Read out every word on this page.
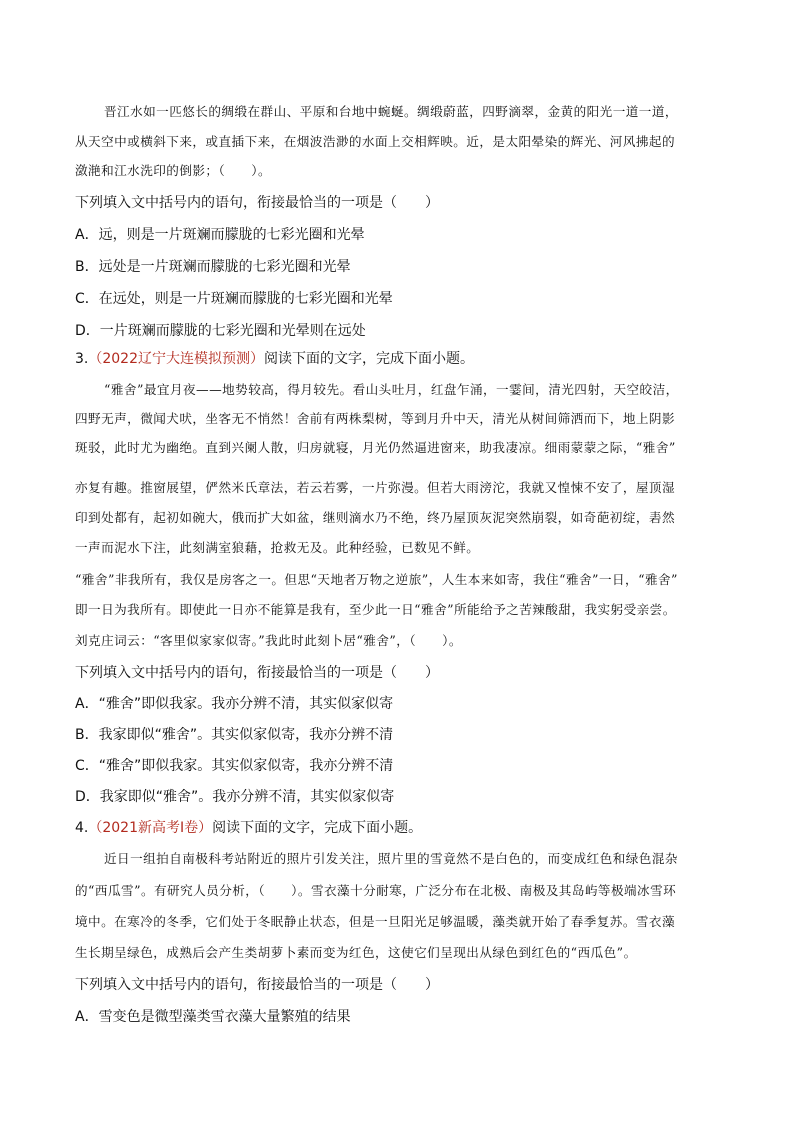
晋江水如一匹悠长的绸缎在群山、平原和台地中蜿蜒。绸缎蔚蓝，四野滴翠，金黄的阳光一道一道，
从天空中或横斜下来，或直插下来，在烟波浩渺的水面上交相辉映。近，是太阳晕染的辉光、河风拂起的
潋滟和江水洗印的倒影；（　　）。
下列填入文中括号内的语句，衔接最恰当的一项是（　　）
A．远，则是一片斑斓而朦胧的七彩光圈和光晕
B．远处是一片斑斓而朦胧的七彩光圈和光晕
C．在远处，则是一片斑斓而朦胧的七彩光圈和光晕
D．一片斑斓而朦胧的七彩光圈和光晕则在远处
3.（2022辽宁大连模拟预测）阅读下面的文字，完成下面小题。
“雅舍”最宜月夜——地势较高，得月较先。看山头吐月，红盘乍涌，一霎间，清光四射，天空皎洁，
四野无声，微闻犬吠，坐客无不悄然！舍前有两株梨树，等到月升中天，清光从树间筛洒而下，地上阴影
斑驳，此时尤为幽绝。直到兴阑人散，归房就寝，月光仍然逼进窗来，助我凄凉。细雨蒙蒙之际，“雅舍”
亦复有趣。推窗展望，俨然米氏章法，若云若雾，一片弥漫。但若大雨滂沱，我就又惶悚不安了，屋顶湿
印到处都有，起初如碗大，俄而扩大如盆，继则滴水乃不绝，终乃屋顶灰泥突然崩裂，如奇葩初绽，砉然
一声而泥水下注，此刻满室狼藉，抢救无及。此种经验，已数见不鲜。
“雅舍”非我所有，我仅是房客之一。但思“天地者万物之逆旅”，人生本来如寄，我住“雅舍”一日，“雅舍”
即一日为我所有。即使此一日亦不能算是我有，至少此一日“雅舍”所能给予之苦辣酸甜，我实躬受亲尝。
刘克庄词云：“客里似家家似寄。”我此时此刻卜居“雅舍”，（　　）。
下列填入文中括号内的语句，衔接最恰当的一项是（　　）
A．“雅舍”即似我家。我亦分辨不清，其实似家似寄
B．我家即似“雅舍”。其实似家似寄，我亦分辨不清
C．“雅舍”即似我家。其实似家似寄，我亦分辨不清
D．我家即似“雅舍”。我亦分辨不清，其实似家似寄
4.（2021新高考Ⅰ卷）阅读下面的文字，完成下面小题。
近日一组拍自南极科考站附近的照片引发关注，照片里的雪竟然不是白色的，而变成红色和绿色混杂
的“西瓜雪”。有研究人员分析，（　　）。雪衣藻十分耐寒，广泛分布在北极、南极及其岛屿等极端冰雪环
境中。在寒冷的冬季，它们处于冬眠静止状态，但是一旦阳光足够温暖，藻类就开始了春季复苏。雪衣藻
生长期呈绿色，成熟后会产生类胡萝卜素而变为红色，这使它们呈现出从绿色到红色的“西瓜色”。
下列填入文中括号内的语句，衔接最恰当的一项是（　　）
A．雪变色是微型藻类雪衣藻大量繁殖的结果
